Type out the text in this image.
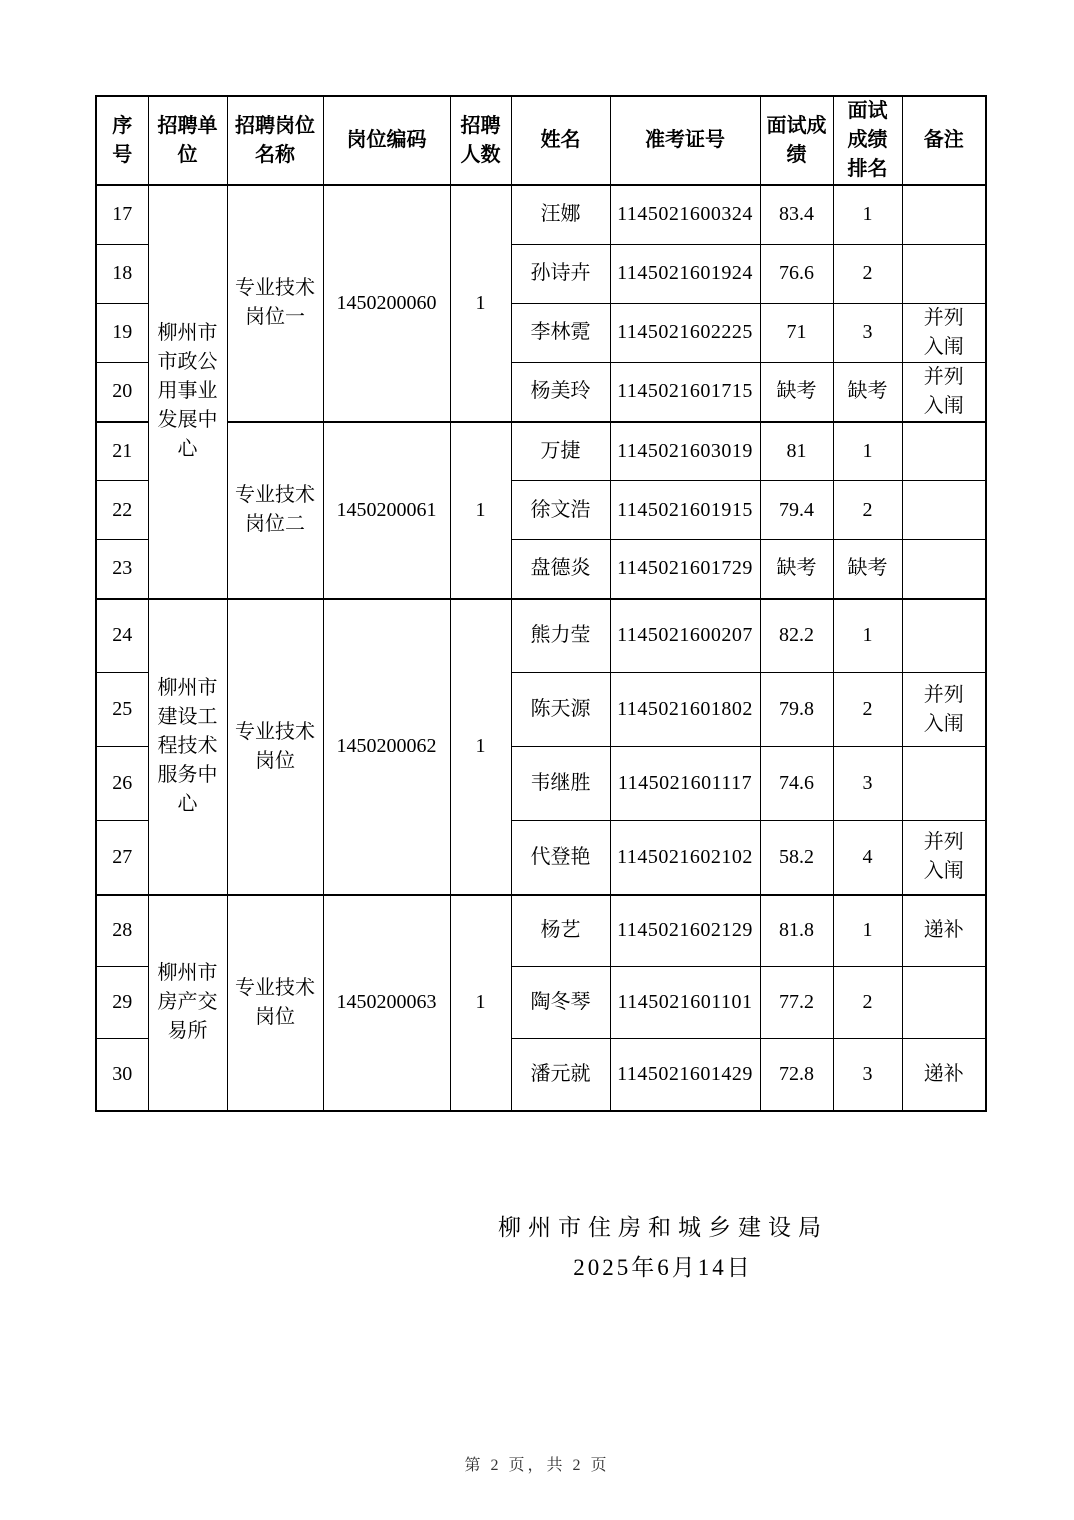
序号	招聘单位	招聘岗位名称	岗位编码	招聘人数	姓名	准考证号	面试成绩	面试成绩排名	备注
17	柳州市市政公用事业发展中心	专业技术岗位一	1450200060	1	汪娜	1145021600324	83.4	1	
18					孙诗卉	1145021601924	76.6	2	
19					李林霓	1145021602225	71	3	并列入闱
20					杨美玲	1145021601715	缺考	缺考	并列入闱
21		专业技术岗位二	1450200061	1	万捷	1145021603019	81	1	
22					徐文浩	1145021601915	79.4	2	
23					盘德炎	1145021601729	缺考	缺考	
24	柳州市建设工程技术服务中心	专业技术岗位	1450200062	1	熊力莹	1145021600207	82.2	1	
25					陈天源	1145021601802	79.8	2	并列入闱
26					韦继胜	1145021601117	74.6	3	
27					代登艳	1145021602102	58.2	4	并列入闱
28	柳州市房产交易所	专业技术岗位	1450200063	1	杨艺	1145021602129	81.8	1	递补
29					陶冬琴	1145021601101	77.2	2	
30					潘元就	1145021601429	72.8	3	递补
柳州市住房和城乡建设局
2025年6月14日
第 2 页，共 2 页
